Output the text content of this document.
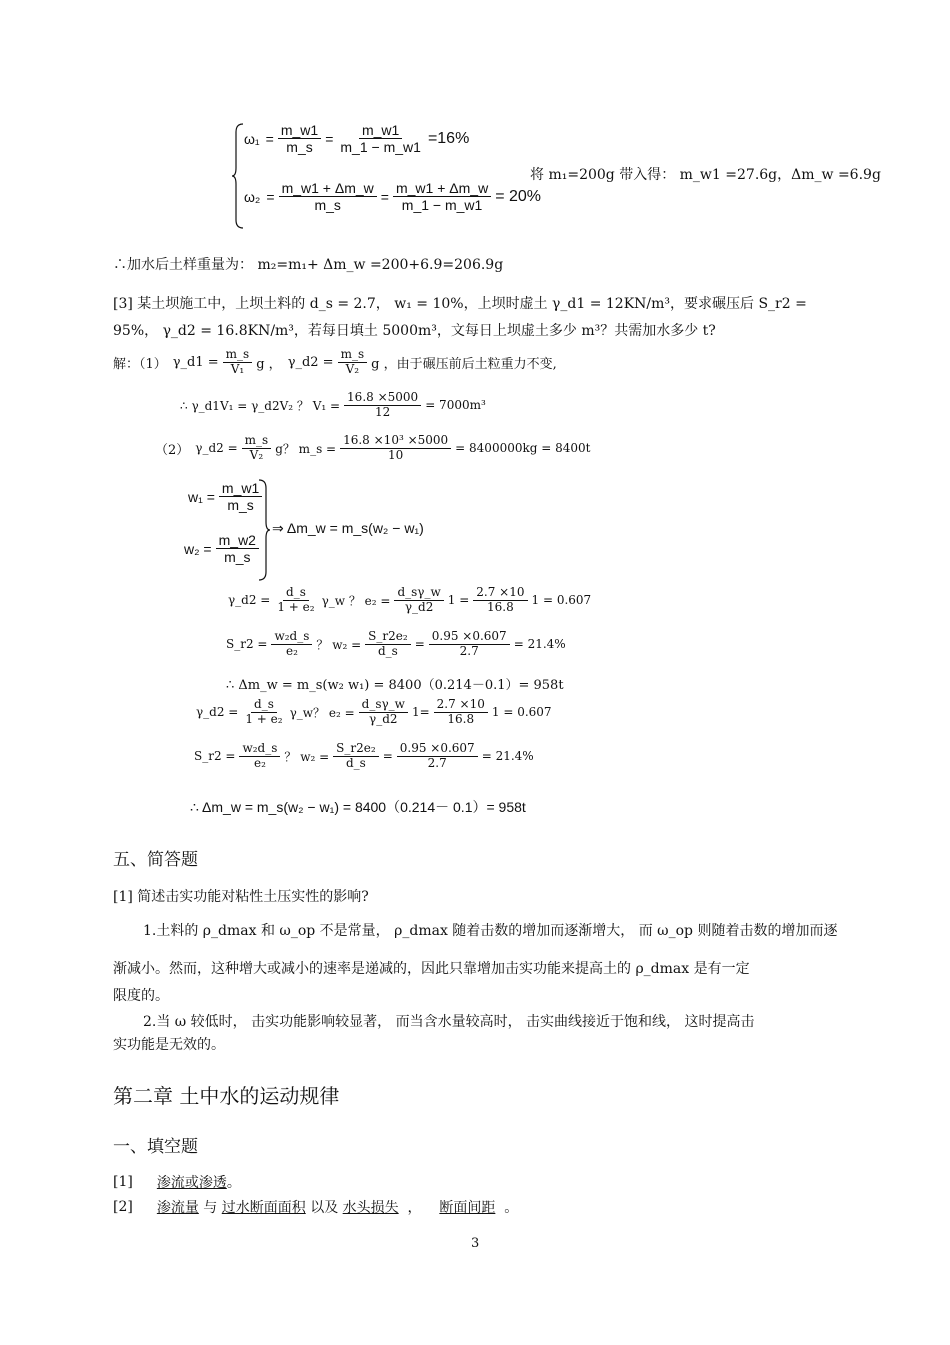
$\omega_1 = \frac{m\_w1}{m\_s} = \frac{m\_w1}{m\_1 - m\_w1} =16\%$
$\omega_2 = \frac{m\_w1 + \Delta m\_w}{m\_s} = \frac{m\_w1 + \Delta m\_w}{m\_1 - m\_w1} = 20\%$
将 m₁=200g 带入得： m_w1 =27.6g，Δm_w =6.9g
∴加水后土样重量为： m₂=m₁+ Δm_w =200+6.9=206.9g
[3] 某土坝施工中，上坝土料的 d_s = 2.7， w₁ = 10%，上坝时虚土 γ_d1 = 12KN/m³，要求碾压后 S_r2 =
95%， γ_d2 = 16.8KN/m³，若每日填土 5000m³，文每日上坝虚土多少 m³？共需加水多少 t?
解：（1） γ_d1 = $\frac{m\_s}{\text{V₁}}$ g ， γ_d2 = $\frac{m\_s}{\text{V₂}}$ g ，由于碾压前后土粒重力不变,
∴ γ_d1V₁ = γ_d2V₂ ？ $V_1 = \frac{16.8 \times 5000}{12} = 7000m^3$
（2） γ_d2 = $\frac{m\_s}{\text{V₂}}$ g？ m_s = $\frac{\text{16.8 ×10³ ×5000}}{10} = 8400000kg = 8400t$
$w_1 = \frac{m\_w1}{m\_s}$
$w_2 = \frac{m\_w2}{m\_s}$
⇒ Δm_w = m_s(w₂ − w₁)
γ_d2 = $\frac{d\_s}{\text{1 + e₂}}$ γ_w ？ $e_2 = \frac{d\_s\gamma\_w}{\gamma\_d2} 1 = \frac{2.7 \times 10}{16.8} 1 = 0.607$
S_r2 = $\frac{\text{w₂d\_s}}{\text{e₂}}$ ？ $w_2 = \frac{\text{S\_r2e₂}}{d\_s} = \frac{0.95 \times 0.607}{2.7} = 21.4\%$
∴ Δm_w = m_s(w₂ w₁) = 8400（0.214－0.1）= 958t
γ_d2 = $\frac{d\_s}{\text{1 + e₂}}$ γ_w？ $e_2 = \frac{d\_s\gamma\_w}{\gamma\_d2} 1= \frac{2.7 \times 10}{16.8} 1 = 0.607$
S_r2 = $\frac{\text{w₂d\_s}}{\text{e₂}}$ ？ $w_2 = \frac{\text{S\_r2e₂}}{d\_s} = \frac{0.95 \times 0.607}{2.7} = 21.4\%$
∴ Δm_w = m_s(w₂ − w₁) = 8400（0.214－ 0.1）= 958t
五、简答题
[1] 简述击实功能对粘性土压实性的影响?
1.土料的 ρ_dmax 和 ω_op 不是常量， ρ_dmax 随着击数的增加而逐渐增大， 而 ω_op 则随着击数的增加而逐
渐减小。然而，这种增大或减小的速率是递减的，因此只靠增加击实功能来提高土的 ρ_dmax 是有一定
限度的。
2.当 ω 较低时， 击实功能影响较显著， 而当含水量较高时， 击实曲线接近于饱和线， 这时提高击
实功能是无效的。
第二章 土中水的运动规律
一、填空题
[1] 渗流或渗透 。
[2] 渗流量 与 过水断面面积 以及 水头损失 ， 断面间距 。
3
